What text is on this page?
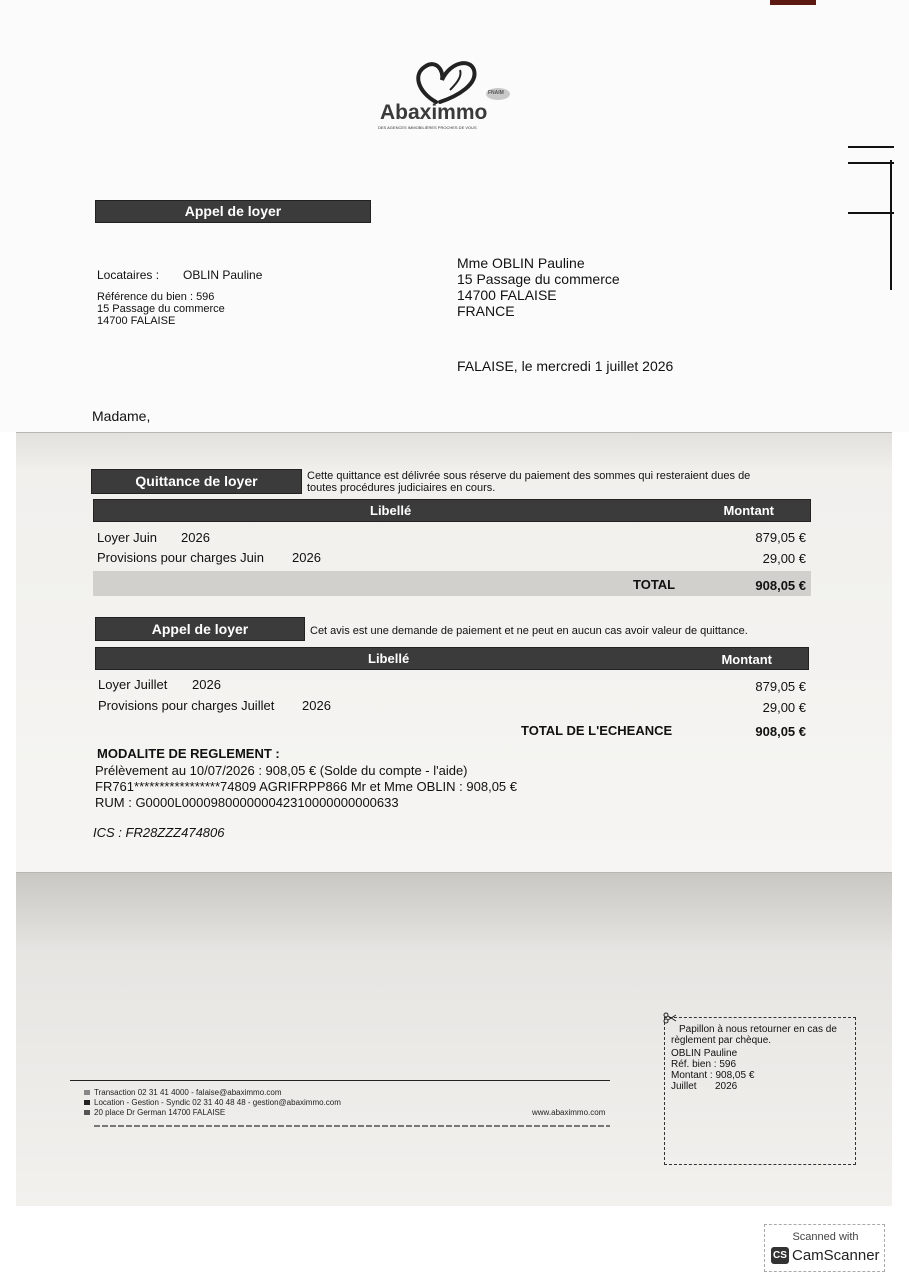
Abaximmo
FNAIM
DES AGENCES IMMOBILIÈRES PROCHES DE VOUS
Appel de loyer
Locataires : OBLIN Pauline
Référence du bien : 596
15 Passage du commerce
14700 FALAISE
Mme OBLIN Pauline
15 Passage du commerce
14700 FALAISE
FRANCE
FALAISE, le mercredi 1 juillet 2026
Madame,
Quittance de loyer	Cette quittance est délivrée sous réserve du paiement des sommes qui resteraient dues de
toutes procédures judiciaires en cours.
Libellé	Montant
Loyer Juin 2026	879,05 €
Provisions pour charges Juin 2026	29,00 €
TOTAL	908,05 €
Appel de loyer	Cet avis est une demande de paiement et ne peut en aucun cas avoir valeur de quittance.
Libellé	Montant
Loyer Juillet 2026	879,05 €
Provisions pour charges Juillet 2026	29,00 €
TOTAL DE L'ECHEANCE	908,05 €
MODALITE DE REGLEMENT :
Prélèvement au 10/07/2026 : 908,05 € (Solde du compte - l'aide)
FR761*****************74809 AGRIFRPP866 Mr et Mme OBLIN : 908,05 €
RUM : G0000L000098000000042310000000000633
ICS : FR28ZZZ474806
Transaction 02 31 41 4000 - falaise@abaximmo.com
Location - Gestion - Syndic 02 31 40 48 48 - gestion@abaximmo.com
20 place Dr German 14700 FALAISE	www.abaximmo.com
Papillon à nous retourner en cas de
règlement par chèque.
OBLIN Pauline
Réf. bien : 596
Montant : 908,05 €
Juillet 2026
Scanned with
CS CamScanner
